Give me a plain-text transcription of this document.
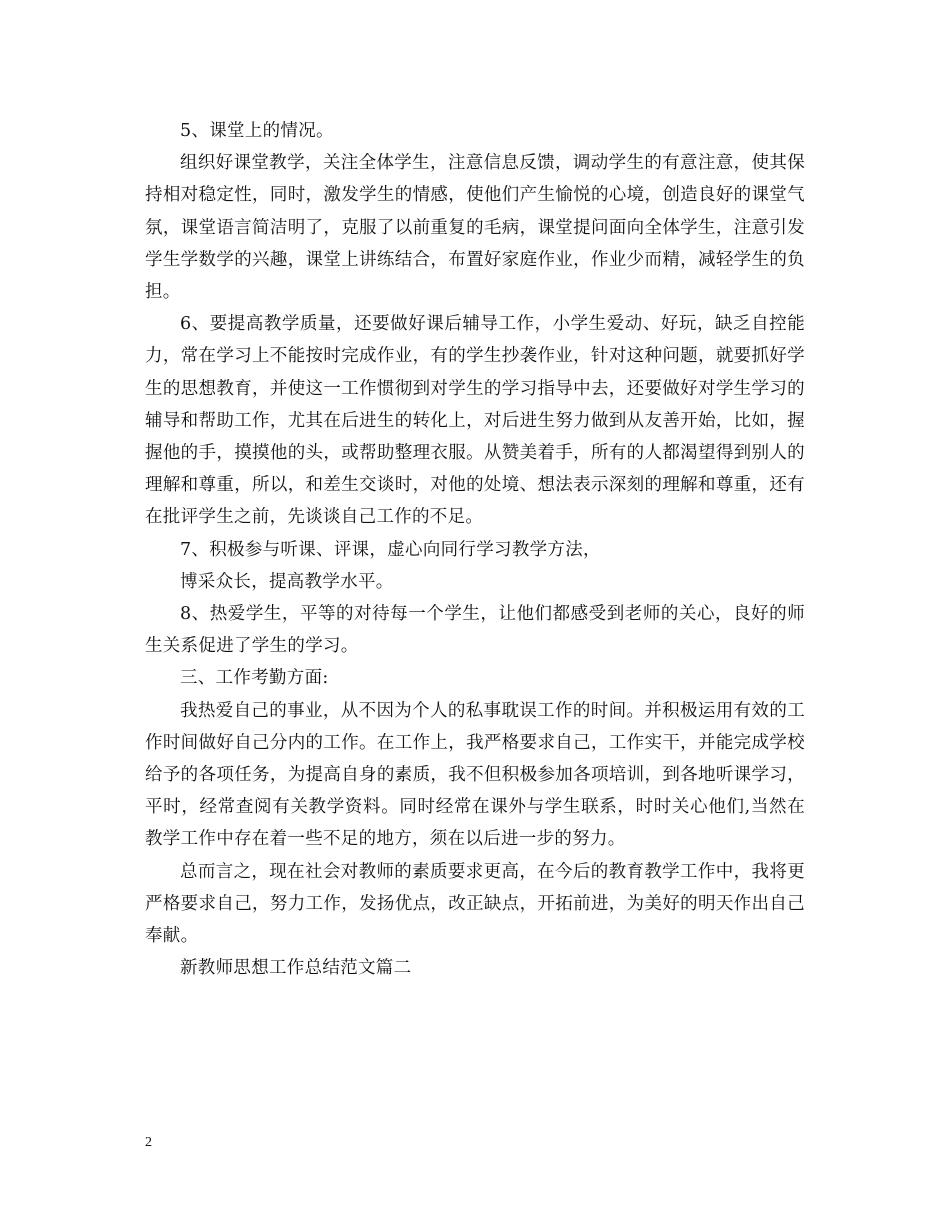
5、课堂上的情况。

组织好课堂教学，关注全体学生，注意信息反馈，调动学生的有意注意，使其保持相对稳定性，同时，激发学生的情感，使他们产生愉悦的心境，创造良好的课堂气氛，课堂语言简洁明了，克服了以前重复的毛病，课堂提问面向全体学生，注意引发学生学数学的兴趣，课堂上讲练结合，布置好家庭作业，作业少而精，减轻学生的负担。

6、要提高教学质量，还要做好课后辅导工作，小学生爱动、好玩，缺乏自控能力，常在学习上不能按时完成作业，有的学生抄袭作业，针对这种问题，就要抓好学生的思想教育，并使这一工作惯彻到对学生的学习指导中去，还要做好对学生学习的辅导和帮助工作，尤其在后进生的转化上，对后进生努力做到从友善开始，比如，握握他的手，摸摸他的头，或帮助整理衣服。从赞美着手，所有的人都渴望得到别人的理解和尊重，所以，和差生交谈时，对他的处境、想法表示深刻的理解和尊重，还有在批评学生之前，先谈谈自己工作的不足。

7、积极参与听课、评课，虚心向同行学习教学方法，

博采众长，提高教学水平。

8、热爱学生，平等的对待每一个学生，让他们都感受到老师的关心，良好的师生关系促进了学生的学习。

三、工作考勤方面:

我热爱自己的事业，从不因为个人的私事耽误工作的时间。并积极运用有效的工作时间做好自己分内的工作。在工作上，我严格要求自己，工作实干，并能完成学校给予的各项任务，为提高自身的素质，我不但积极参加各项培训，到各地听课学习，平时，经常查阅有关教学资料。同时经常在课外与学生联系，时时关心他们,当然在教学工作中存在着一些不足的地方，须在以后进一步的努力。

总而言之，现在社会对教师的素质要求更高，在今后的教育教学工作中，我将更严格要求自己，努力工作，发扬优点，改正缺点，开拓前进，为美好的明天作出自己奉献。

新教师思想工作总结范文篇二

2
